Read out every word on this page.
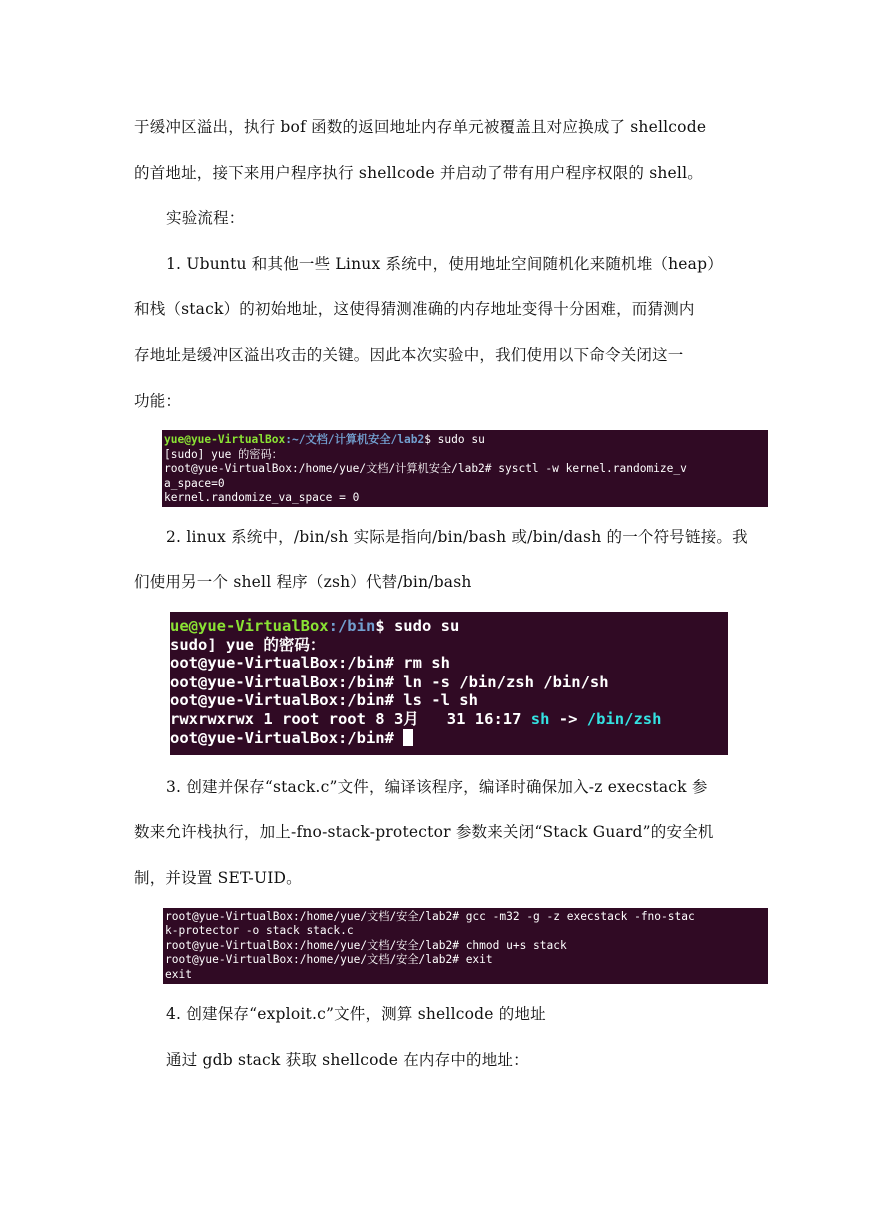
于缓冲区溢出，执行 bof 函数的返回地址内存单元被覆盖且对应换成了 shellcode
的首地址，接下来用户程序执行 shellcode 并启动了带有用户程序权限的 shell。
实验流程：
1. Ubuntu 和其他一些 Linux 系统中，使用地址空间随机化来随机堆（heap）
和栈（stack）的初始地址，这使得猜测准确的内存地址变得十分困难，而猜测内
存地址是缓冲区溢出攻击的关键。因此本次实验中，我们使用以下命令关闭这一
功能：
yue@yue-VirtualBox:~/文档/计算机安全/lab2$ sudo su
[sudo] yue 的密码：
root@yue-VirtualBox:/home/yue/文档/计算机安全/lab2# sysctl -w kernel.randomize_v
a_space=0
kernel.randomize_va_space = 0
2. linux 系统中，/bin/sh 实际是指向/bin/bash 或/bin/dash 的一个符号链接。我
们使用另一个 shell 程序（zsh）代替/bin/bash
ue@yue-VirtualBox:/bin$ sudo su
sudo] yue 的密码：
oot@yue-VirtualBox:/bin# rm sh
oot@yue-VirtualBox:/bin# ln -s /bin/zsh /bin/sh
oot@yue-VirtualBox:/bin# ls -l sh
rwxrwxrwx 1 root root 8 3月   31 16:17 sh -> /bin/zsh
oot@yue-VirtualBox:/bin#
3. 创建并保存“stack.c”文件，编译该程序，编译时确保加入-z execstack 参
数来允许栈执行，加上-fno-stack-protector 参数来关闭“Stack Guard”的安全机
制，并设置 SET-UID。
root@yue-VirtualBox:/home/yue/文档/安全/lab2# gcc -m32 -g -z execstack -fno-stac
k-protector -o stack stack.c
root@yue-VirtualBox:/home/yue/文档/安全/lab2# chmod u+s stack
root@yue-VirtualBox:/home/yue/文档/安全/lab2# exit
exit
4. 创建保存“exploit.c”文件，测算 shellcode 的地址
通过 gdb stack 获取 shellcode 在内存中的地址：
